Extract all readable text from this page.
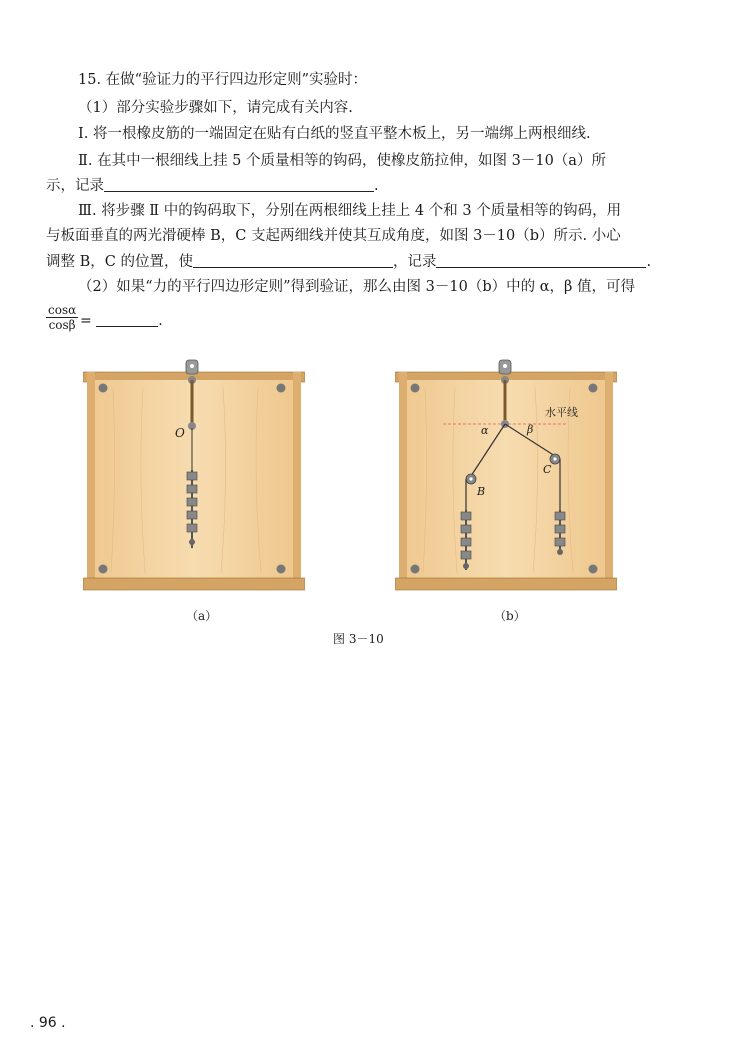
15. 在做“验证力的平行四边形定则”实验时：
（1）部分实验步骤如下，请完成有关内容.
Ⅰ. 将一根橡皮筋的一端固定在贴有白纸的竖直平整木板上，另一端绑上两根细线.
Ⅱ. 在其中一根细线上挂 5 个质量相等的钩码，使橡皮筋拉伸，如图 3－10（a）所
示，记录	.
Ⅲ. 将步骤 Ⅱ 中的钩码取下，分别在两根细线上挂上 4 个和 3 个质量相等的钩码，用
与板面垂直的两光滑硬棒 B，C 支起两细线并使其互成角度，如图 3－10（b）所示. 小心
调整 B，C 的位置，使	，记录	.
（2）如果“力的平行四边形定则”得到验证，那么由图 3－10（b）中的 α，β 值，可得
$\frac{\cos\alpha}{\cos\beta}$ =	.
O
水平线
α	β
B
C
（a）	（b）
图 3－10
. 96 .
